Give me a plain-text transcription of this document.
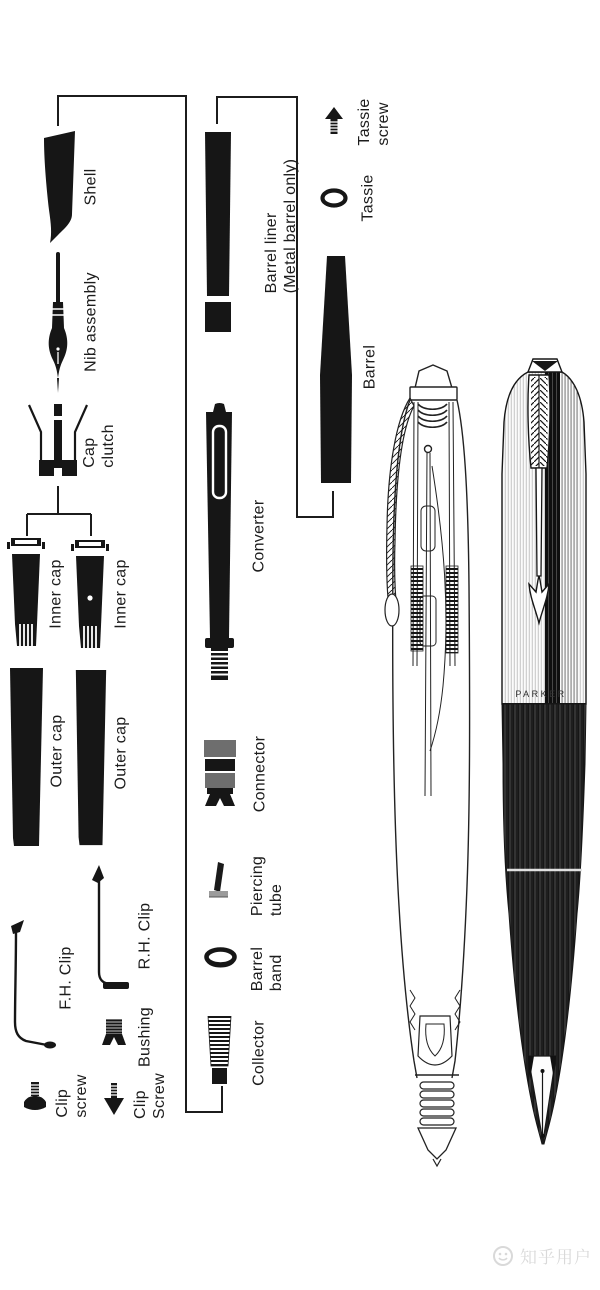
PARKER
Shell
Nib assembly
Cap clutch
Inner cap	Inner cap
Outer cap	Outer cap
F.H. Clip
R.H. Clip
Bushing
Clip screw	Clip Screw
Barrel liner (Metal barrel only)
Converter
Connector
Piercing tube
Barrel band
Collector
Tassie screw
Tassie
Barrel
知乎用户
